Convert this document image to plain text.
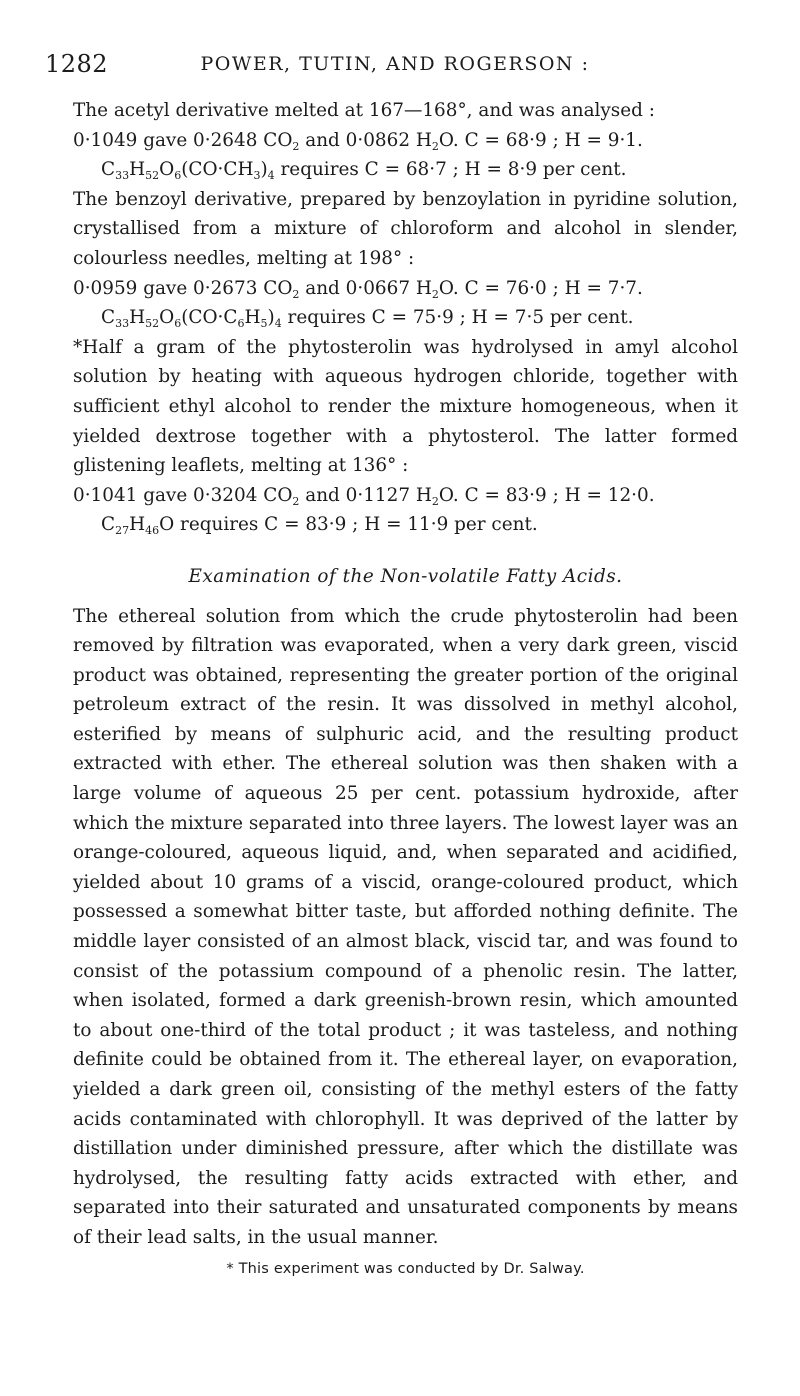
1282	POWER, TUTIN, AND ROGERSON :

The acetyl derivative melted at 167—168°, and was analysed :

0·1049 gave 0·2648 $CO_2$ and 0·0862 $H_2O$. C = 68·9 ; H = 9·1.

$C_{33}H_{52}O_6(CO\cdot CH_3)_4$ requires C = 68·7 ; H = 8·9 per cent.

The benzoyl derivative, prepared by benzoylation in pyridine solution, crystallised from a mixture of chloroform and alcohol in slender, colourless needles, melting at 198° :

0·0959 gave 0·2673 $CO_2$ and 0·0667 $H_2O$. C = 76·0 ; H = 7·7.

$C_{33}H_{52}O_6(CO\cdot C_6H_5)_4$ requires C = 75·9 ; H = 7·5 per cent.

*Half a gram of the phytosterolin was hydrolysed in amyl alcohol solution by heating with aqueous hydrogen chloride, together with sufficient ethyl alcohol to render the mixture homogeneous, when it yielded dextrose together with a phytosterol. The latter formed glistening leaflets, melting at 136° :

0·1041 gave 0·3204 $CO_2$ and 0·1127 $H_2O$. C = 83·9 ; H = 12·0.

$C_{27}H_{46}O$ requires C = 83·9 ; H = 11·9 per cent.

Examination of the Non-volatile Fatty Acids.

The ethereal solution from which the crude phytosterolin had been removed by filtration was evaporated, when a very dark green, viscid product was obtained, representing the greater portion of the original petroleum extract of the resin. It was dissolved in methyl alcohol, esterified by means of sulphuric acid, and the resulting product extracted with ether. The ethereal solution was then shaken with a large volume of aqueous 25 per cent. potassium hydroxide, after which the mixture separated into three layers. The lowest layer was an orange-coloured, aqueous liquid, and, when separated and acidified, yielded about 10 grams of a viscid, orange-coloured product, which possessed a somewhat bitter taste, but afforded nothing definite. The middle layer consisted of an almost black, viscid tar, and was found to consist of the potassium compound of a phenolic resin. The latter, when isolated, formed a dark greenish-brown resin, which amounted to about one-third of the total product ; it was tasteless, and nothing definite could be obtained from it. The ethereal layer, on evaporation, yielded a dark green oil, consisting of the methyl esters of the fatty acids contaminated with chlorophyll. It was deprived of the latter by distillation under diminished pressure, after which the distillate was hydrolysed, the resulting fatty acids extracted with ether, and separated into their saturated and unsaturated components by means of their lead salts, in the usual manner.

* This experiment was conducted by Dr. Salway.
